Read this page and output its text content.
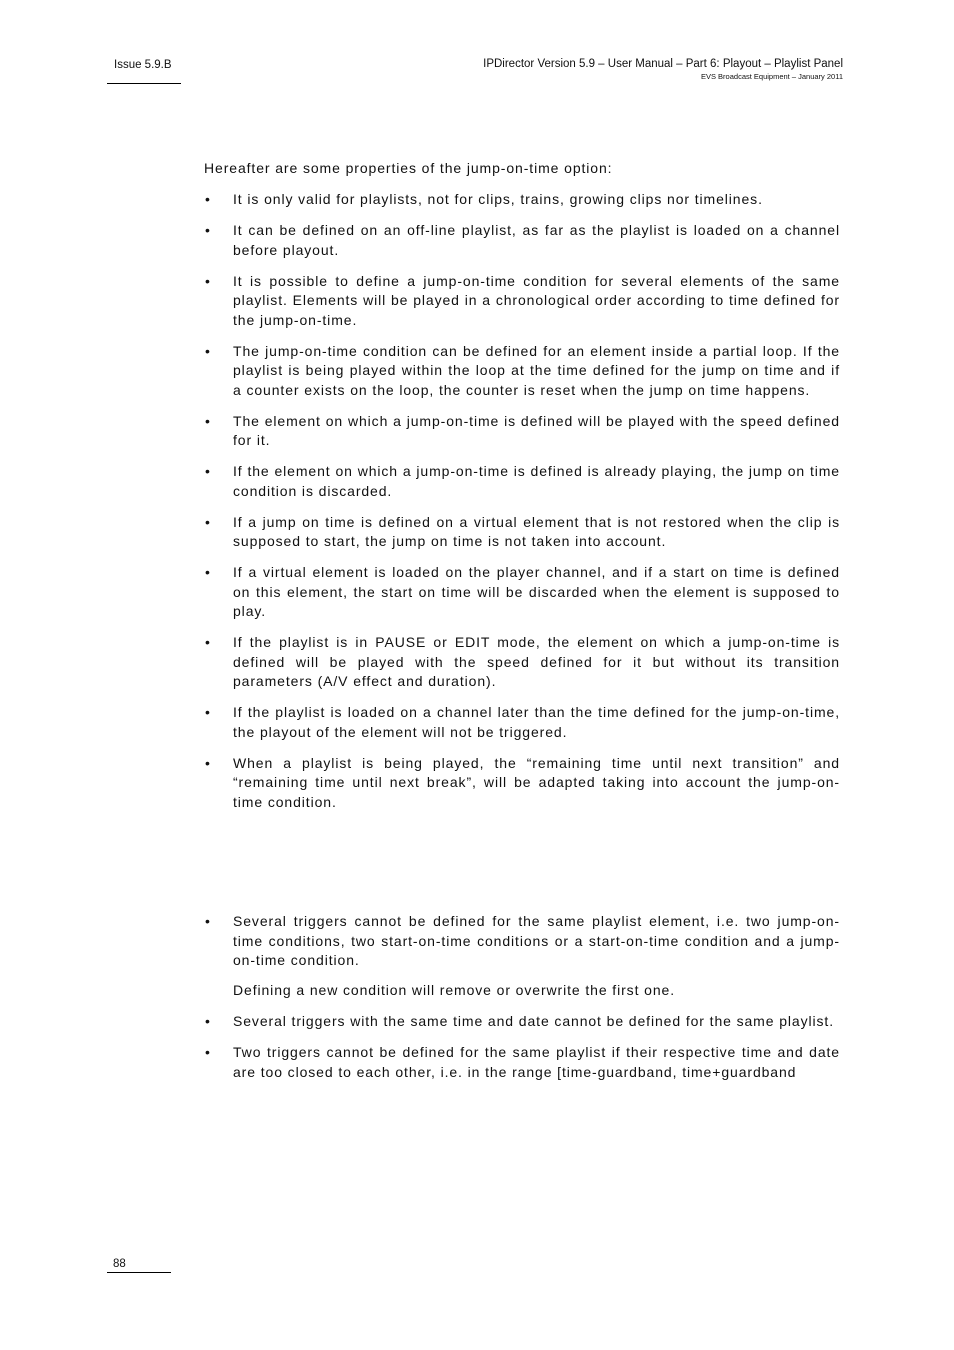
Issue 5.9.B	IPDirector Version 5.9 – User Manual – Part 6: Playout – Playlist Panel
EVS Broadcast Equipment – January 2011
Hereafter are some properties of the jump-on-time option:
• It is only valid for playlists, not for clips, trains, growing clips nor timelines.
• It can be defined on an off-line playlist, as far as the playlist is loaded on a channel before playout.
• It is possible to define a jump-on-time condition for several elements of the same playlist. Elements will be played in a chronological order according to time defined for the jump-on-time.
• The jump-on-time condition can be defined for an element inside a partial loop. If the playlist is being played within the loop at the time defined for the jump on time and if a counter exists on the loop, the counter is reset when the jump on time happens.
• The element on which a jump-on-time is defined will be played with the speed defined for it.
• If the element on which a jump-on-time is defined is already playing, the jump on time condition is discarded.
• If a jump on time is defined on a virtual element that is not restored when the clip is supposed to start, the jump on time is not taken into account.
• If a virtual element is loaded on the player channel, and if a start on time is defined on this element, the start on time will be discarded when the element is supposed to play.
• If the playlist is in PAUSE or EDIT mode, the element on which a jump-on-time is defined will be played with the speed defined for it but without its transition parameters (A/V effect and duration).
• If the playlist is loaded on a channel later than the time defined for the jump-on-time, the playout of the element will not be triggered.
• When a playlist is being played, the “remaining time until next transition” and “remaining time until next break”, will be adapted taking into account the jump-on-time condition.
• Several triggers cannot be defined for the same playlist element, i.e. two jump-on-time conditions, two start-on-time conditions or a start-on-time condition and a jump-on-time condition.
Defining a new condition will remove or overwrite the first one.
• Several triggers with the same time and date cannot be defined for the same playlist.
• Two triggers cannot be defined for the same playlist if their respective time and date are too closed to each other, i.e. in the range [time-guardband, time+guardband
88
